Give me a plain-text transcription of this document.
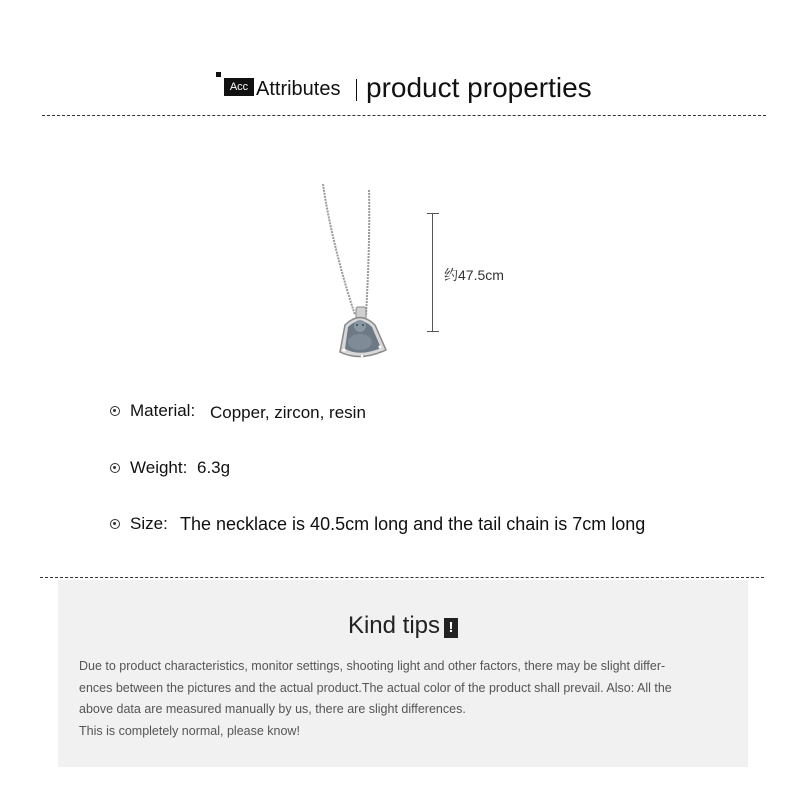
Acc Attributes product properties
约47.5cm
Material: Copper, zircon, resin
Weight: 6.3g
Size: The necklace is 40.5cm long and the tail chain is 7cm long
Kind tips !

Due to product characteristics, monitor settings, shooting light and other factors, there may be slight differ-

ences between the pictures and the actual product.The actual color of the product shall prevail. Also: All the

above data are measured manually by us, there are slight differences.

This is completely normal, please know!
